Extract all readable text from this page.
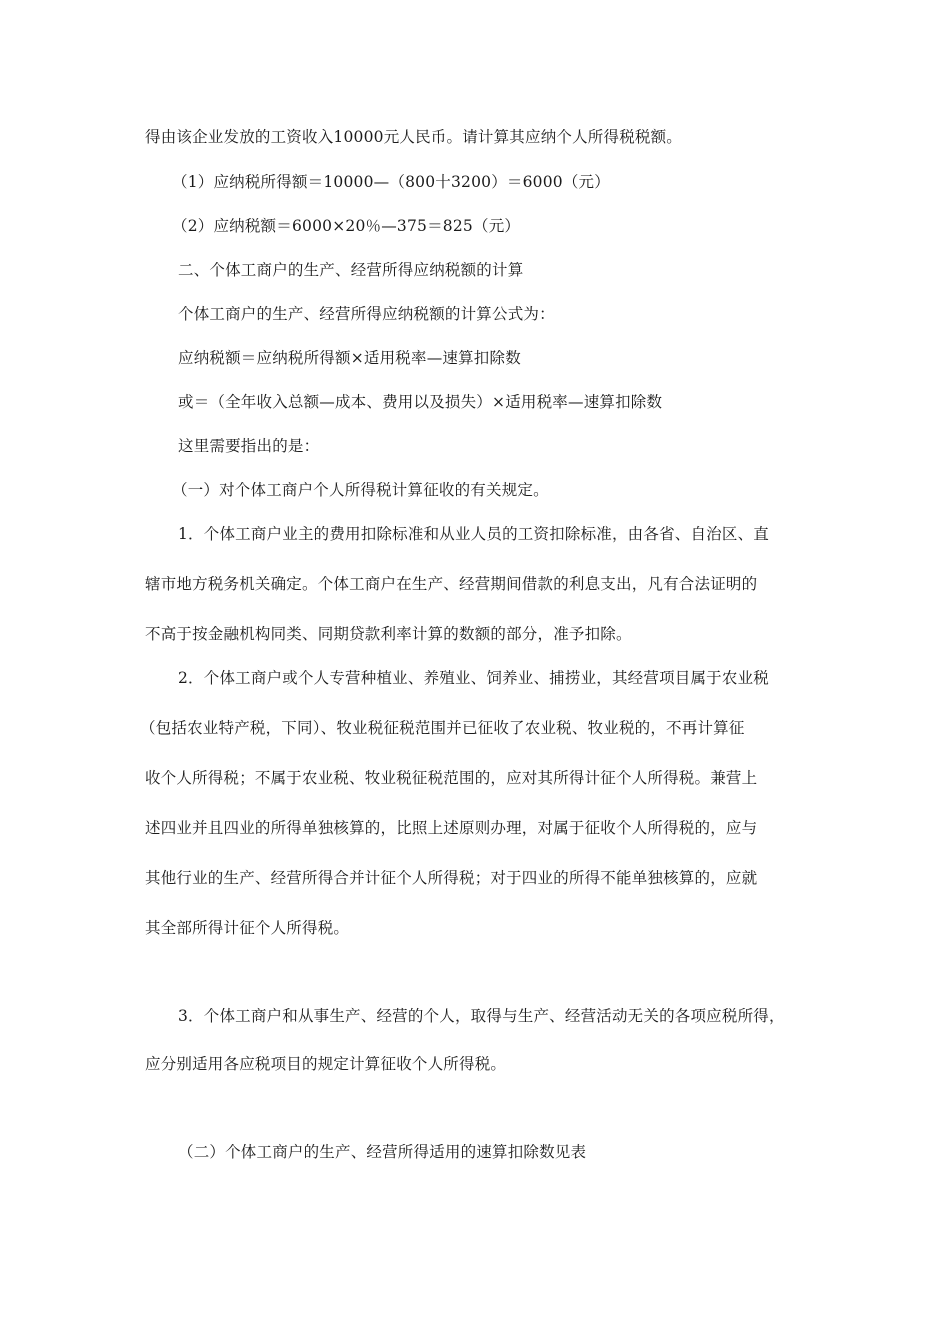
得由该企业发放的工资收入10000元人民币。请计算其应纳个人所得税税额。
（1）应纳税所得额＝10000—（800十3200）＝6000（元）
（2）应纳税额＝6000×20％—375＝825（元）
二、个体工商户的生产、经营所得应纳税额的计算
个体工商户的生产、经营所得应纳税额的计算公式为：
应纳税额＝应纳税所得额×适用税率—速算扣除数
或＝（全年收入总额—成本、费用以及损失）×适用税率—速算扣除数
这里需要指出的是：
（一）对个体工商户个人所得税计算征收的有关规定。
1．个体工商户业主的费用扣除标准和从业人员的工资扣除标准，由各省、自治区、直
辖市地方税务机关确定。个体工商户在生产、经营期间借款的利息支出，凡有合法证明的
不高于按金融机构同类、同期贷款利率计算的数额的部分，准予扣除。
2．个体工商户或个人专营种植业、养殖业、饲养业、捕捞业，其经营项目属于农业税
（包括农业特产税，下同）、牧业税征税范围并已征收了农业税、牧业税的，不再计算征
收个人所得税；不属于农业税、牧业税征税范围的，应对其所得计征个人所得税。兼营上
述四业并且四业的所得单独核算的，比照上述原则办理，对属于征收个人所得税的，应与
其他行业的生产、经营所得合并计征个人所得税；对于四业的所得不能单独核算的，应就
其全部所得计征个人所得税。
3．个体工商户和从事生产、经营的个人，取得与生产、经营活动无关的各项应税所得，
应分别适用各应税项目的规定计算征收个人所得税。
（二）个体工商户的生产、经营所得适用的速算扣除数见表
